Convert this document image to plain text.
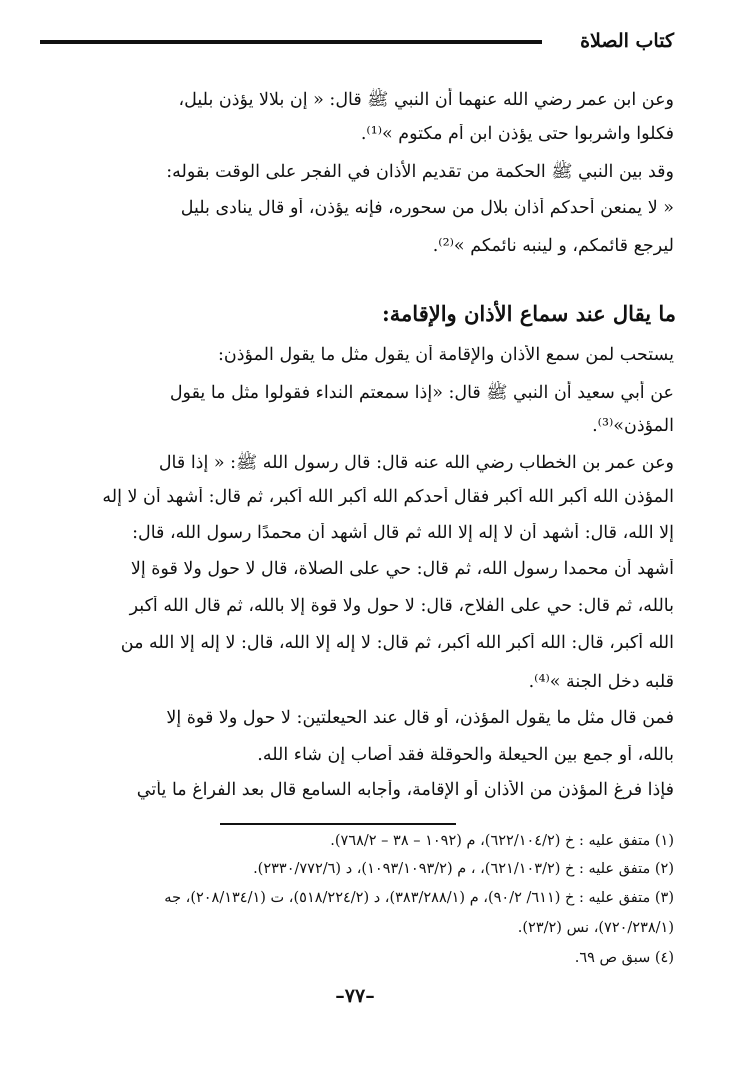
كتاب الصلاة
وعن ابن عمر رضي الله عنهما أن النبي ﷺ قال: « إن بلالا يؤذن بليل،
فكلوا واشربوا حتى يؤذن ابن أم مكتوم »⁽¹⁾.
وقد بين النبي ﷺ الحكمة من تقديم الأذان في الفجر على الوقت بقوله:
« لا يمنعن أحدكم أذان بلال من سحوره، فإنه يؤذن، أو قال ينادى بليل
ليرجع قائمكم، و لينبه نائمكم »⁽²⁾.
ما يقال عند سماع الأذان والإقامة:
يستحب لمن سمع الأذان والإقامة أن يقول مثل ما يقول المؤذن:
عن أبي سعيد أن النبي ﷺ قال: «إذا سمعتم النداء فقولوا مثل ما يقول
المؤذن»⁽³⁾.
وعن عمر بن الخطاب رضي الله عنه قال: قال رسول الله ﷺ: « إذا قال
المؤذن الله أكبر الله أكبر فقال أحدكم الله أكبر الله أكبر، ثم قال: أشهد أن لا إله
إلا الله، قال: أشهد أن لا إله إلا الله ثم قال أشهد أن محمدًا رسول الله، قال:
أشهد أن محمدا رسول الله، ثم قال: حي على الصلاة، قال لا حول ولا قوة إلا
بالله، ثم قال: حي على الفلاح، قال: لا حول ولا قوة إلا بالله، ثم قال الله أكبر
الله أكبر، قال: الله أكبر الله أكبر، ثم قال: لا إله إلا الله، قال: لا إله إلا الله من
قلبه دخل الجنة »⁽⁴⁾.
فمن قال مثل ما يقول المؤذن، أو قال عند الحيعلتين: لا حول ولا قوة إلا
بالله، أو جمع بين الحيعلة والحوقلة فقد أصاب إن شاء الله.
فإذا فرغ المؤذن من الأذان أو الإقامة، وأجابه السامع قال بعد الفراغ ما يأتي
(١) متفق عليه : خ (٦٢٢/١٠٤/٢)، م (١٠٩٢ – ٣٨ – ٧٦٨/٢).
(٢) متفق عليه : خ (٦٢١/١٠٣/٢)، ، م (١٠٩٣/١٠٩٣/٢)، د (٢٣٣٠/٧٧٢/٦).
(٣) متفق عليه : خ (٦١١/ ٩٠/٢)، م (٣٨٣/٢٨٨/١)، د (٥١٨/٢٢٤/٢)، ت (٢٠٨/١٣٤/١)، جه
(٧٢٠/٢٣٨/١)، نس (٢٣/٢).
(٤) سبق ص ٦٩.
–٧٧–
